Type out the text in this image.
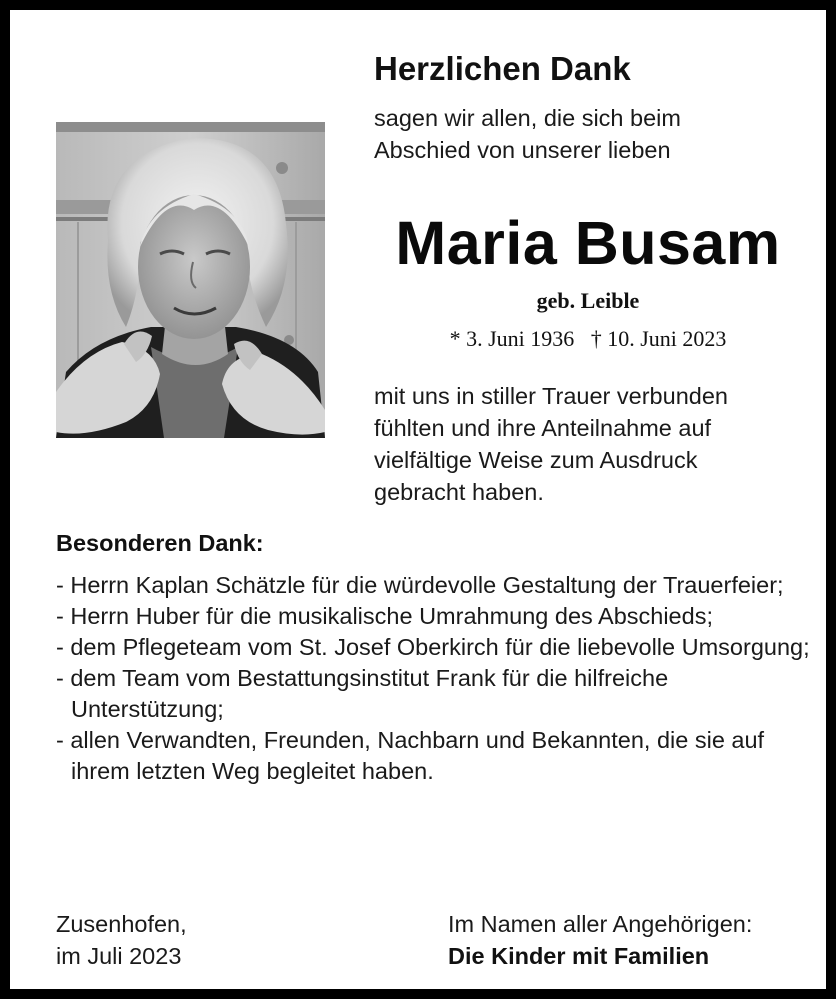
Herzlichen Dank
sagen wir allen, die sich beim
Abschied von unserer lieben
Maria Busam
geb. Leible
* 3. Juni 1936 † 10. Juni 2023
mit uns in stiller Trauer verbunden
fühlten und ihre Anteilnahme auf
vielfältige Weise zum Ausdruck
gebracht haben.
Besonderen Dank:
- Herrn Kaplan Schätzle für die würdevolle Gestaltung der Trauerfeier;
- Herrn Huber für die musikalische Umrahmung des Abschieds;
- dem Pflegeteam vom St. Josef Oberkirch für die liebevolle Umsorgung;
- dem Team vom Bestattungsinstitut Frank für die hilfreiche Unterstützung;
- allen Verwandten, Freunden, Nachbarn und Bekannten, die sie auf ihrem letzten Weg begleitet haben.
Zusenhofen,
im Juli 2023
Im Namen aller Angehörigen:
Die Kinder mit Familien
